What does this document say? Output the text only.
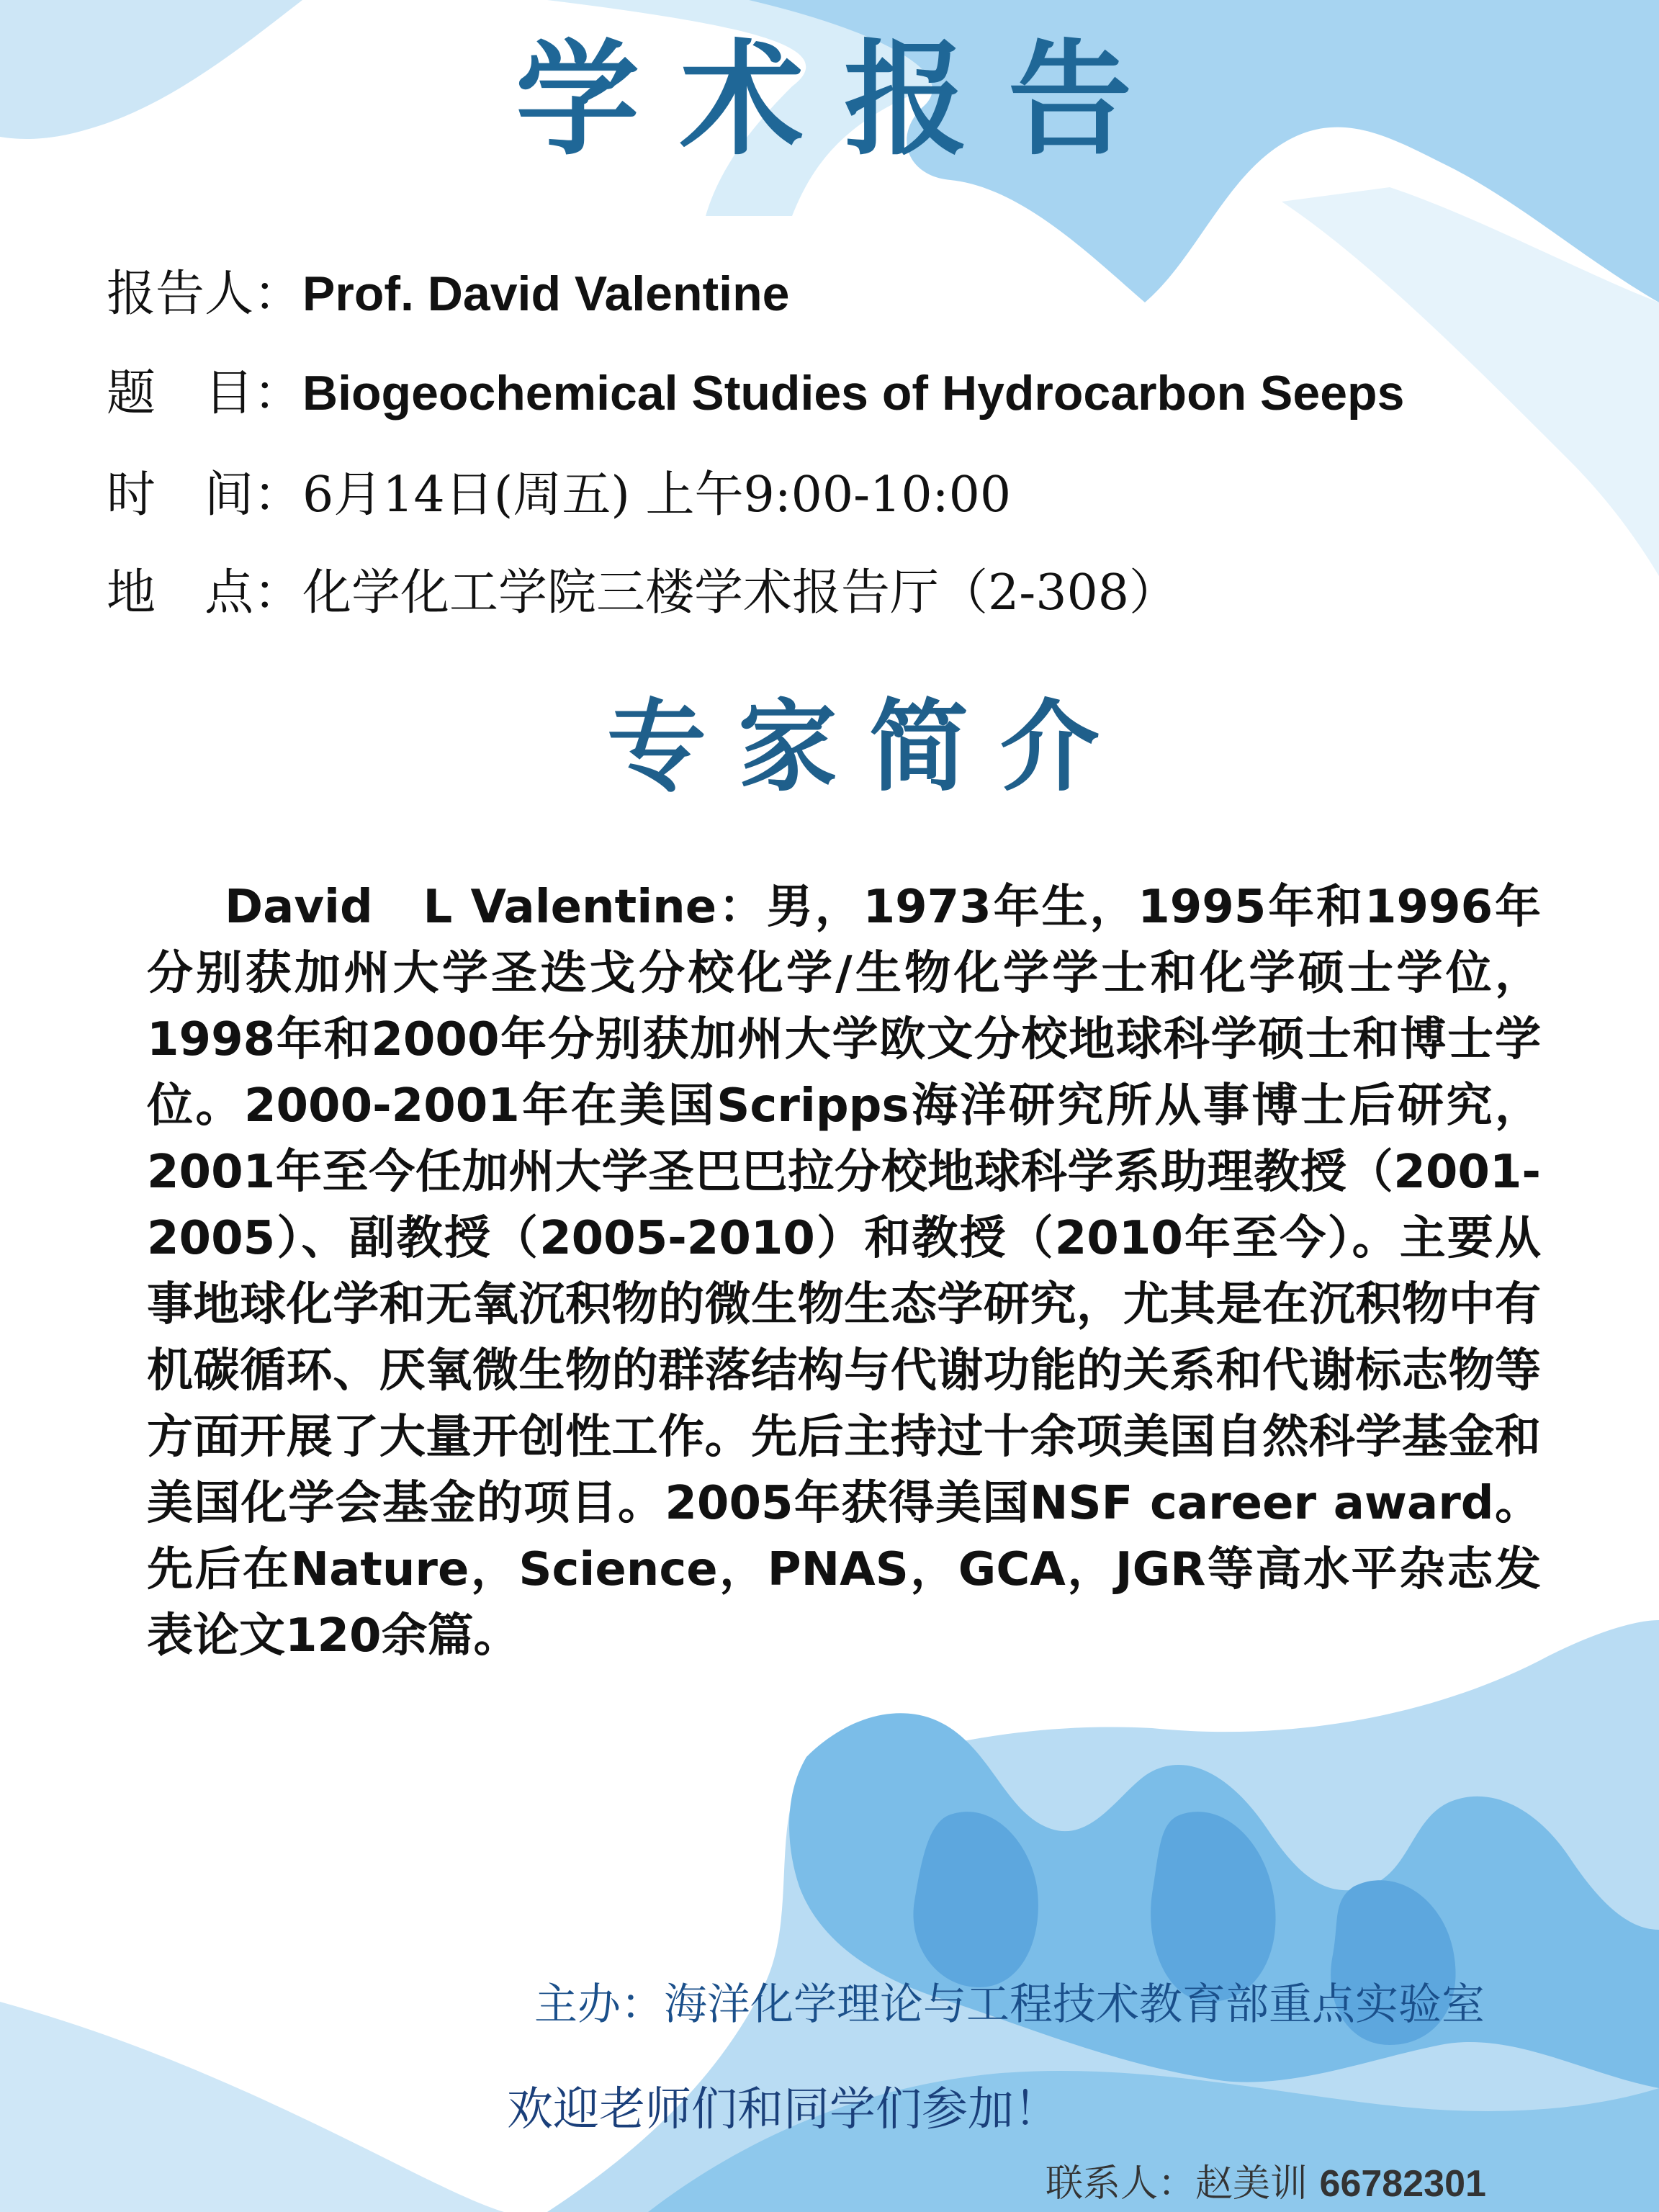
学术报告
报告人：Prof. David Valentine
题　目：Biogeochemical Studies of Hydrocarbon Seeps
时　间：6月14日(周五) 上午9:00-10:00
地　点：化学化工学院三楼学术报告厅（2-308）
专家简介
David　L Valentine：男，1973年生，1995年和1996年分别获加州大学圣迭戈分校化学/生物化学学士和化学硕士学位，1998年和2000年分别获加州大学欧文分校地球科学硕士和博士学位。2000-2001年在美国Scripps海洋研究所从事博士后研究，2001年至今任加州大学圣巴巴拉分校地球科学系助理教授（2001-2005）、副教授（2005-2010）和教授（2010年至今）。主要从事地球化学和无氧沉积物的微生物生态学研究，尤其是在沉积物中有机碳循环、厌氧微生物的群落结构与代谢功能的关系和代谢标志物等方面开展了大量开创性工作。先后主持过十余项美国自然科学基金和美国化学会基金的项目。2005年获得美国NSF career award。先后在Nature，Science，PNAS，GCA，JGR等高水平杂志发表论文120余篇。
主办：海洋化学理论与工程技术教育部重点实验室
欢迎老师们和同学们参加！
联系人：赵美训 66782301
